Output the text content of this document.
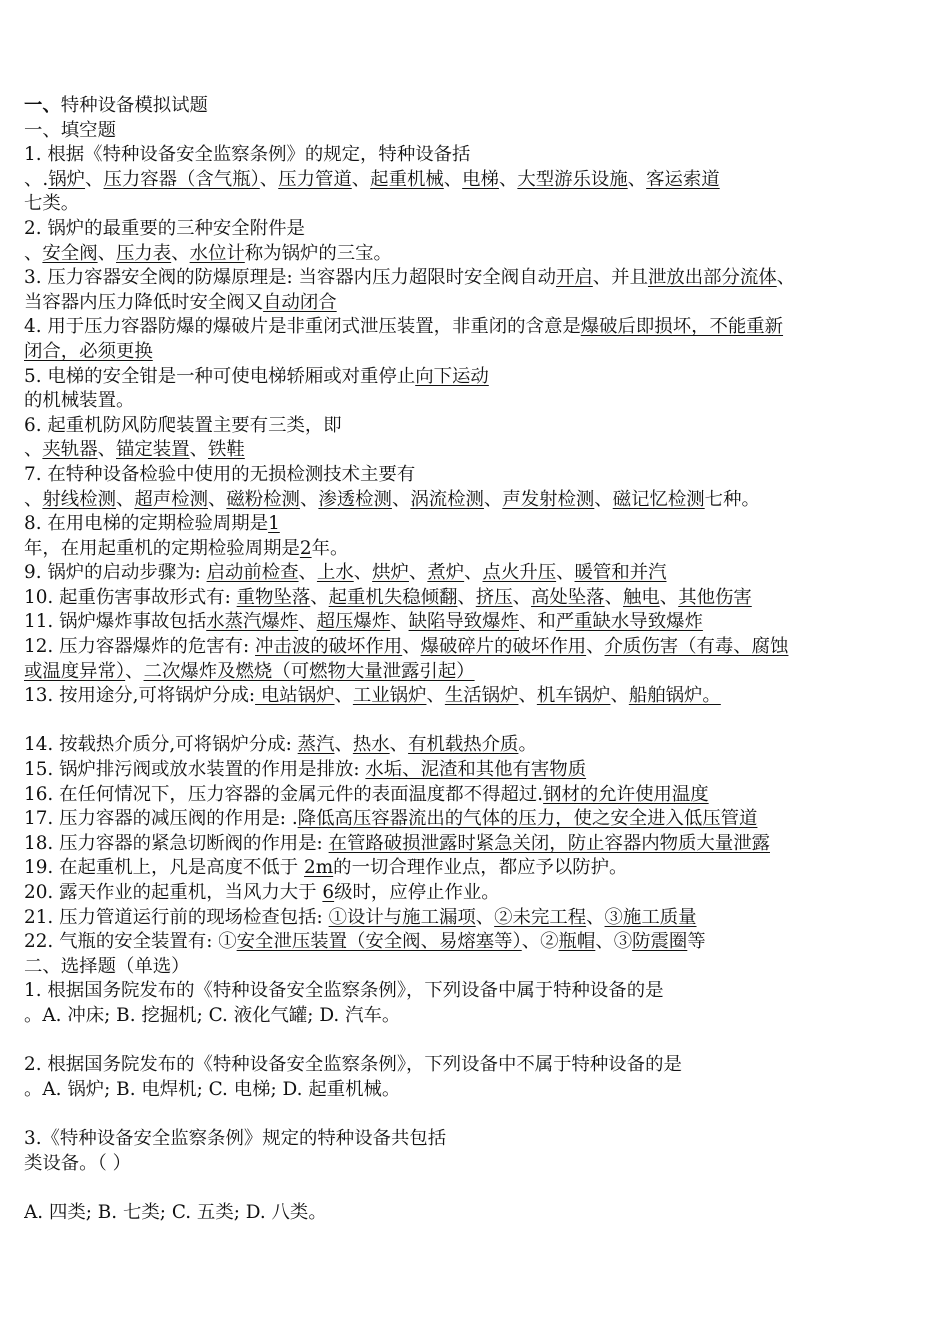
一、特种设备模拟试题
一、填空题
1. 根据《特种设备安全监察条例》的规定，特种设备括
、.锅炉、压力容器（含气瓶）、压力管道、起重机械、电梯、大型游乐设施、客运索道
七类。
2. 锅炉的最重要的三种安全附件是
、安全阀、压力表、水位计称为锅炉的三宝。
3. 压力容器安全阀的防爆原理是: 当容器内压力超限时安全阀自动开启、并且泄放出部分流体、
当容器内压力降低时安全阀又自动闭合
4. 用于压力容器防爆的爆破片是非重闭式泄压装置，非重闭的含意是爆破后即损坏，不能重新
闭合，必须更换
5. 电梯的安全钳是一种可使电梯轿厢或对重停止向下运动
的机械装置。
6. 起重机防风防爬装置主要有三类，即
、夹轨器、锚定装置、铁鞋
7. 在特种设备检验中使用的无损检测技术主要有
、射线检测、超声检测、磁粉检测、渗透检测、涡流检测、声发射检测、磁记忆检测七种。
8. 在用电梯的定期检验周期是1
年，在用起重机的定期检验周期是2年。
9. 锅炉的启动步骤为: 启动前检查、上水、烘炉、煮炉、点火升压、暖管和并汽
10. 起重伤害事故形式有: 重物坠落、起重机失稳倾翻、挤压、高处坠落、触电、其他伤害
11. 锅炉爆炸事故包括水蒸汽爆炸、超压爆炸、缺陷导致爆炸、和严重缺水导致爆炸
12. 压力容器爆炸的危害有: 冲击波的破坏作用、爆破碎片的破坏作用、介质伤害（有毒、腐蚀
或温度异常）、二次爆炸及燃烧（可燃物大量泄露引起）
13. 按用途分,可将锅炉分成: 电站锅炉、工业锅炉、生活锅炉、机车锅炉、船舶锅炉。
14. 按载热介质分,可将锅炉分成: 蒸汽、热水、有机载热介质。
15. 锅炉排污阀或放水装置的作用是排放: 水垢、泥渣和其他有害物质
16. 在任何情况下，压力容器的金属元件的表面温度都不得超过.钢材的允许使用温度
17. 压力容器的减压阀的作用是: .降低高压容器流出的气体的压力，使之安全进入低压管道
18. 压力容器的紧急切断阀的作用是: 在管路破损泄露时紧急关闭，防止容器内物质大量泄露
19. 在起重机上，凡是高度不低于 2m的一切合理作业点，都应予以防护。
20. 露天作业的起重机，当风力大于 6级时，应停止作业。
21. 压力管道运行前的现场检查包括: ①设计与施工漏项、②未完工程、③施工质量
22. 气瓶的安全装置有: ①安全泄压装置（安全阀、易熔塞等）、②瓶帽、③防震圈等
二、选择题（单选）
1. 根据国务院发布的《特种设备安全监察条例》，下列设备中属于特种设备的是
。A. 冲床; B. 挖掘机; C. 液化气罐; D. 汽车。
2. 根据国务院发布的《特种设备安全监察条例》，下列设备中不属于特种设备的是
。A. 锅炉; B. 电焊机; C. 电梯; D. 起重机械。
3.《特种设备安全监察条例》规定的特种设备共包括
类设备。（ ）
A. 四类; B. 七类; C. 五类; D. 八类。
